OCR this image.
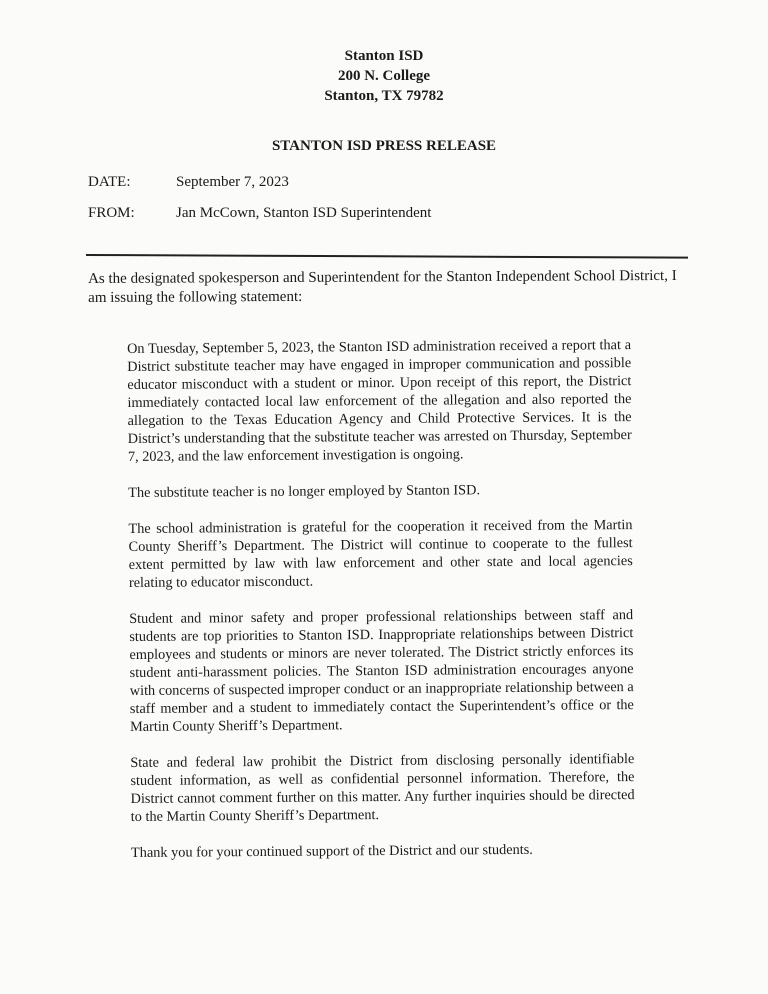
Stanton ISD
200 N. College
Stanton, TX 79782
STANTON ISD PRESS RELEASE
DATE:	September 7, 2023
FROM:	Jan McCown, Stanton ISD Superintendent
As the designated spokesperson and Superintendent for the Stanton Independent School District, I am issuing the following statement:

On Tuesday, September 5, 2023, the Stanton ISD administration received a report that a District substitute teacher may have engaged in improper communication and possible educator misconduct with a student or minor. Upon receipt of this report, the District immediately contacted local law enforcement of the allegation and also reported the allegation to the Texas Education Agency and Child Protective Services. It is the District’s understanding that the substitute teacher was arrested on Thursday, September 7, 2023, and the law enforcement investigation is ongoing.

The substitute teacher is no longer employed by Stanton ISD.

The school administration is grateful for the cooperation it received from the Martin County Sheriff’s Department. The District will continue to cooperate to the fullest extent permitted by law with law enforcement and other state and local agencies relating to educator misconduct.

Student and minor safety and proper professional relationships between staff and students are top priorities to Stanton ISD. Inappropriate relationships between District employees and students or minors are never tolerated. The District strictly enforces its student anti-harassment policies. The Stanton ISD administration encourages anyone with concerns of suspected improper conduct or an inappropriate relationship between a staff member and a student to immediately contact the Superintendent’s office or the Martin County Sheriff’s Department.

State and federal law prohibit the District from disclosing personally identifiable student information, as well as confidential personnel information. Therefore, the District cannot comment further on this matter. Any further inquiries should be directed to the Martin County Sheriff’s Department.

Thank you for your continued support of the District and our students.
